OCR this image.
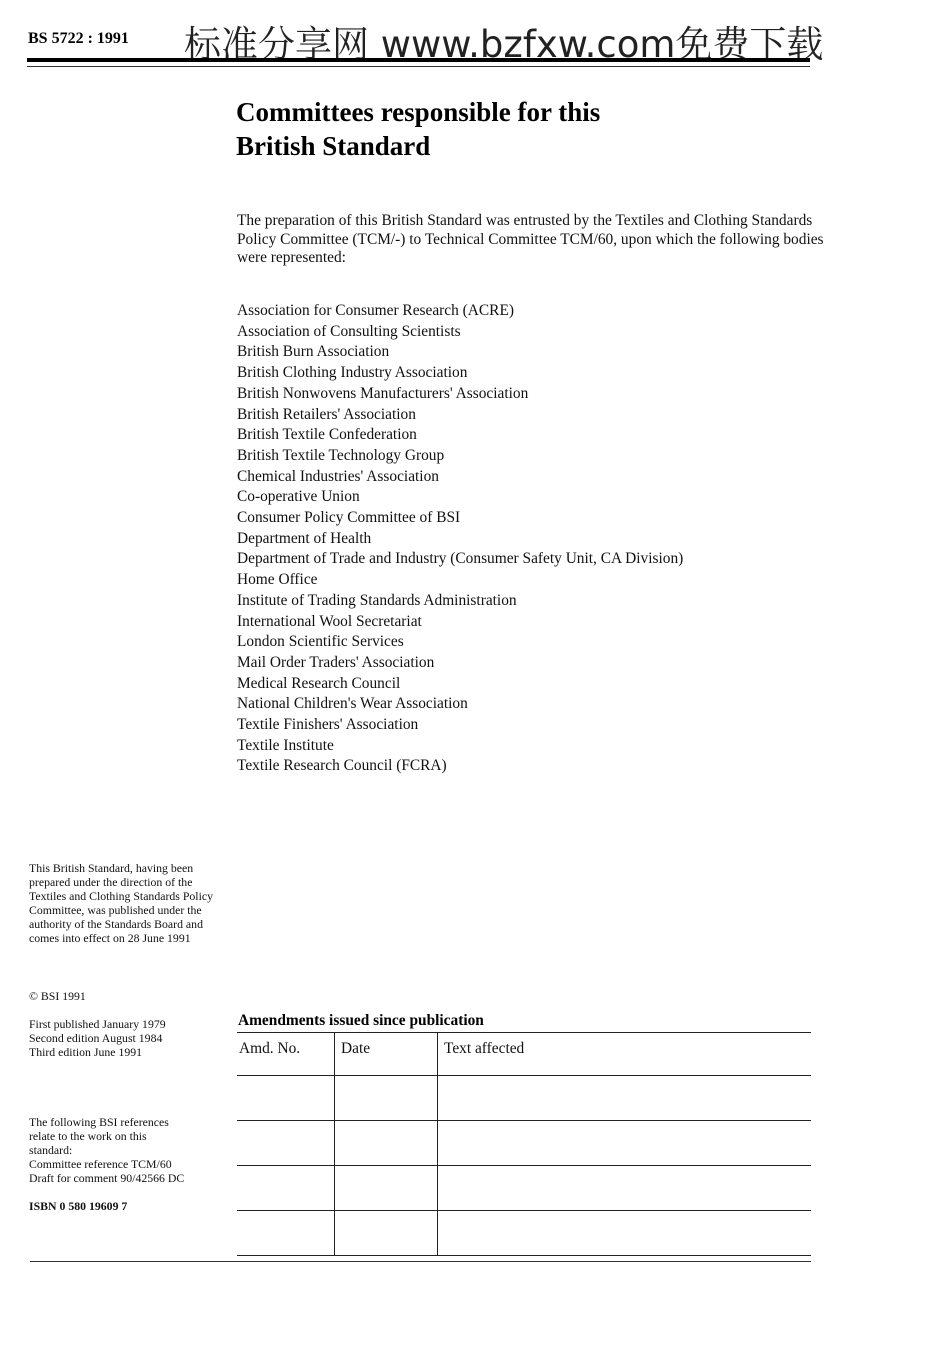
BS 5722 : 1991 标准分享网 www.bzfxw.com免费下载
Committees responsible for this
British Standard
The preparation of this British Standard was entrusted by the Textiles and Clothing Standards Policy Committee (TCM/-) to Technical Committee TCM/60, upon which the following bodies were represented:
Association for Consumer Research (ACRE)
Association of Consulting Scientists
British Burn Association
British Clothing Industry Association
British Nonwovens Manufacturers' Association
British Retailers' Association
British Textile Confederation
British Textile Technology Group
Chemical Industries' Association
Co-operative Union
Consumer Policy Committee of BSI
Department of Health
Department of Trade and Industry (Consumer Safety Unit, CA Division)
Home Office
Institute of Trading Standards Administration
International Wool Secretariat
London Scientific Services
Mail Order Traders' Association
Medical Research Council
National Children's Wear Association
Textile Finishers' Association
Textile Institute
Textile Research Council (FCRA)
This British Standard, having been prepared under the direction of the Textiles and Clothing Standards Policy Committee, was published under the authority of the Standards Board and comes into effect on 28 June 1991
© BSI 1991
First published January 1979
Second edition August 1984
Third edition June 1991
The following BSI references
relate to the work on this
standard:
Committee reference TCM/60
Draft for comment 90/42566 DC
ISBN 0 580 19609 7
Amendments issued since publication
Amd. No.	Date	Text affected
